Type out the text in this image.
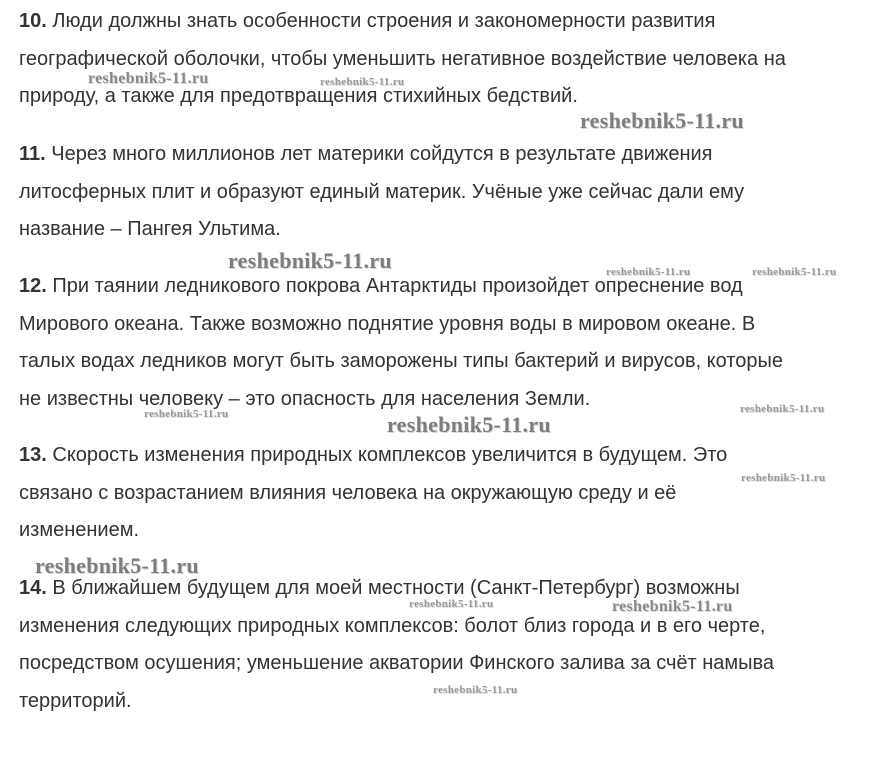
10. Люди должны знать особенности строения и закономерности развития
географической оболочки, чтобы уменьшить негативное воздействие человека на
природу, а также для предотвращения стихийных бедствий.

11. Через много миллионов лет материки сойдутся в результате движения
литосферных плит и образуют единый материк. Учёные уже сейчас дали ему
название – Пангея Ультима.

12. При таянии ледникового покрова Антарктиды произойдет опреснение вод
Мирового океана. Также возможно поднятие уровня воды в мировом океане. В
талых водах ледников могут быть заморожены типы бактерий и вирусов, которые
не известны человеку – это опасность для населения Земли.

13. Скорость изменения природных комплексов увеличится в будущем. Это
связано с возрастанием влияния человека на окружающую среду и её
изменением.

14. В ближайшем будущем для моей местности (Санкт-Петербург) возможны
изменения следующих природных комплексов: болот близ города и в его черте,
посредством осушения; уменьшение акватории Финского залива за счёт намыва
территорий.

reshebnik5-11.ru	reshebnik5-11.ru
reshebnik5-11.ru
reshebnik5-11.ru	reshebnik5-11.ru	reshebnik5-11.ru
reshebnik5-11.ru	reshebnik5-11.ru
reshebnik5-11.ru
reshebnik5-11.ru
reshebnik5-11.ru
reshebnik5-11.ru	reshebnik5-11.ru
reshebnik5-11.ru
